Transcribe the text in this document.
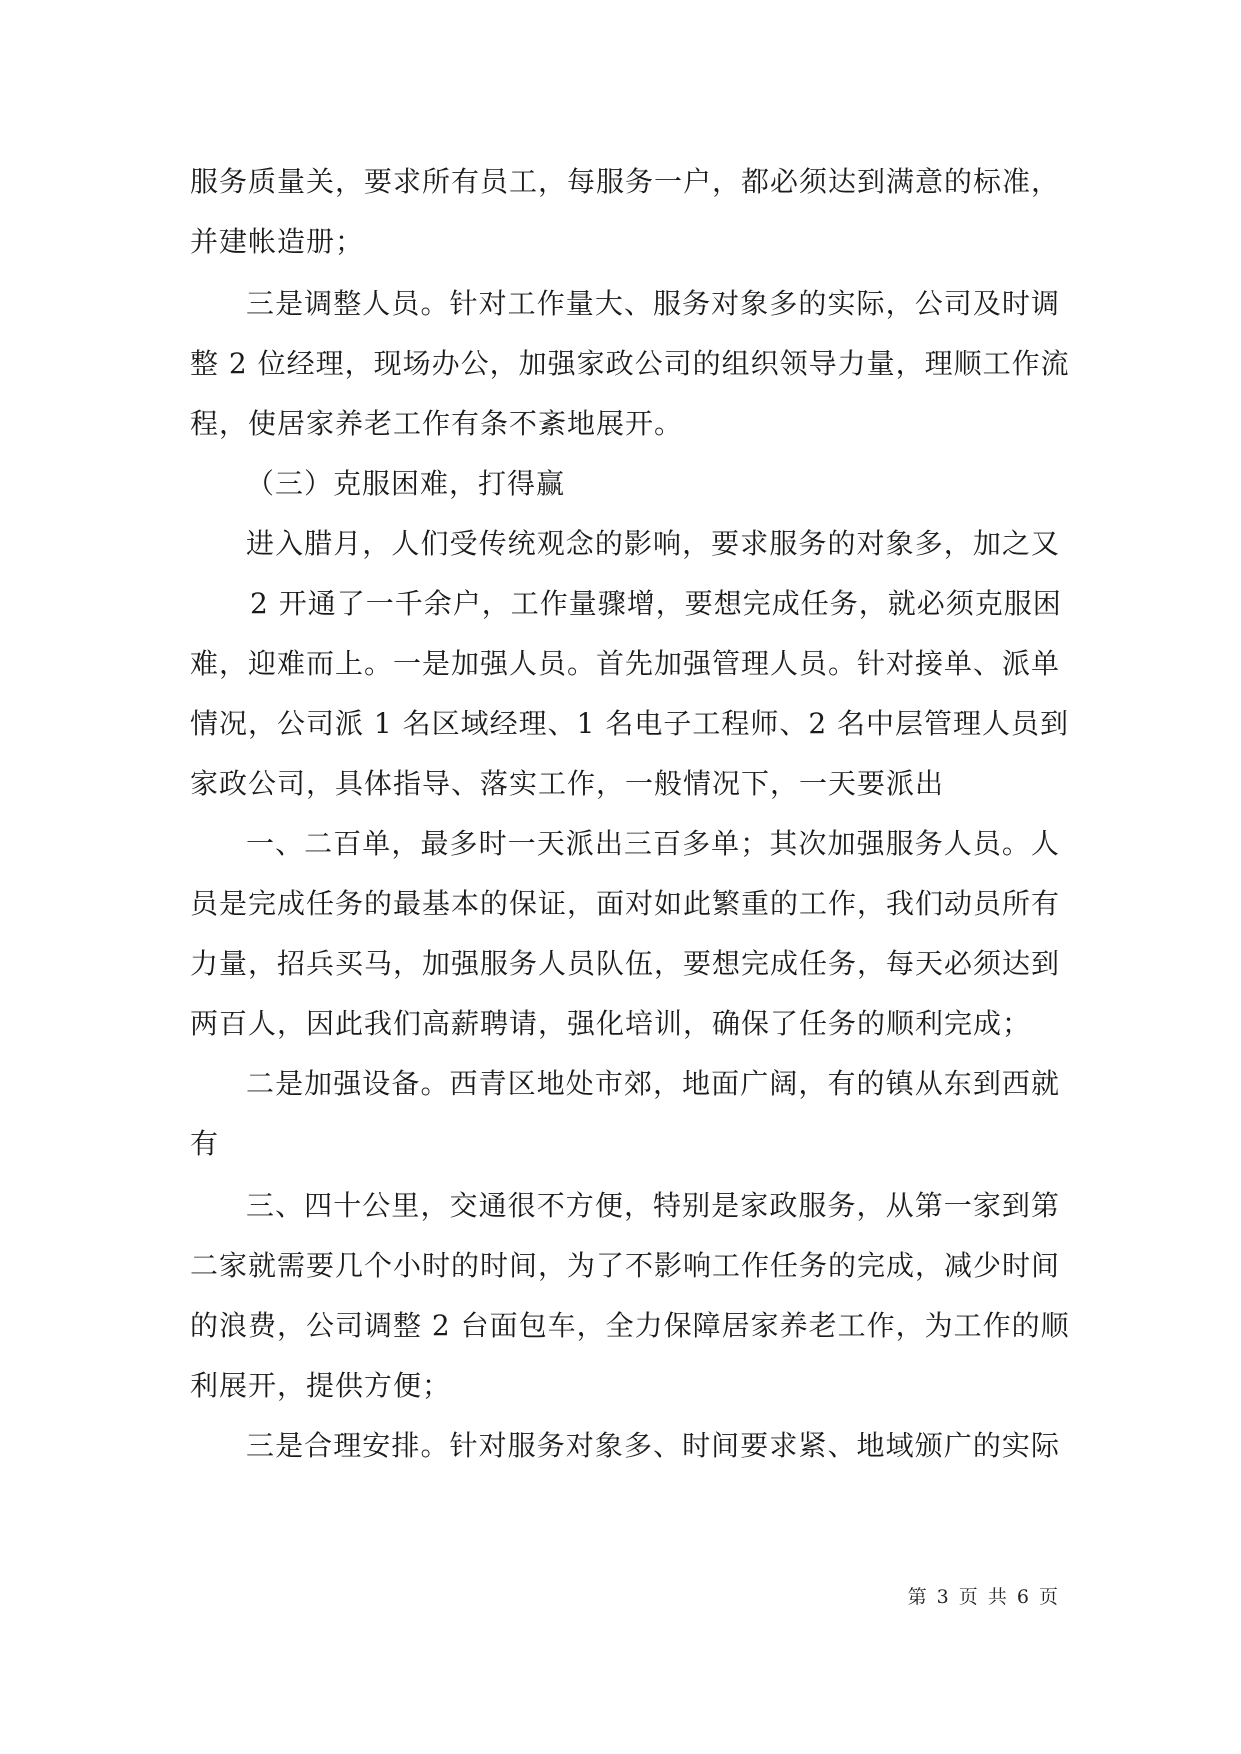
服务质量关，要求所有员工，每服务一户，都必须达到满意的标准，
并建帐造册；
三是调整人员。针对工作量大、服务对象多的实际，公司及时调
整 2 位经理，现场办公，加强家政公司的组织领导力量，理顺工作流
程，使居家养老工作有条不紊地展开。
（三）克服困难，打得赢
进入腊月，人们受传统观念的影响，要求服务的对象多，加之又
2 开通了一千余户，工作量骤增，要想完成任务，就必须克服困
难，迎难而上。一是加强人员。首先加强管理人员。针对接单、派单
情况，公司派 1 名区域经理、1 名电子工程师、2 名中层管理人员到
家政公司，具体指导、落实工作，一般情况下，一天要派出
一、二百单，最多时一天派出三百多单；其次加强服务人员。人
员是完成任务的最基本的保证，面对如此繁重的工作，我们动员所有
力量，招兵买马，加强服务人员队伍，要想完成任务，每天必须达到
两百人，因此我们高薪聘请，强化培训，确保了任务的顺利完成；
二是加强设备。西青区地处市郊，地面广阔，有的镇从东到西就
有
三、四十公里，交通很不方便，特别是家政服务，从第一家到第
二家就需要几个小时的时间，为了不影响工作任务的完成，减少时间
的浪费，公司调整 2 台面包车，全力保障居家养老工作，为工作的顺
利展开，提供方便；
三是合理安排。针对服务对象多、时间要求紧、地域颁广的实际
第 3 页 共 6 页
